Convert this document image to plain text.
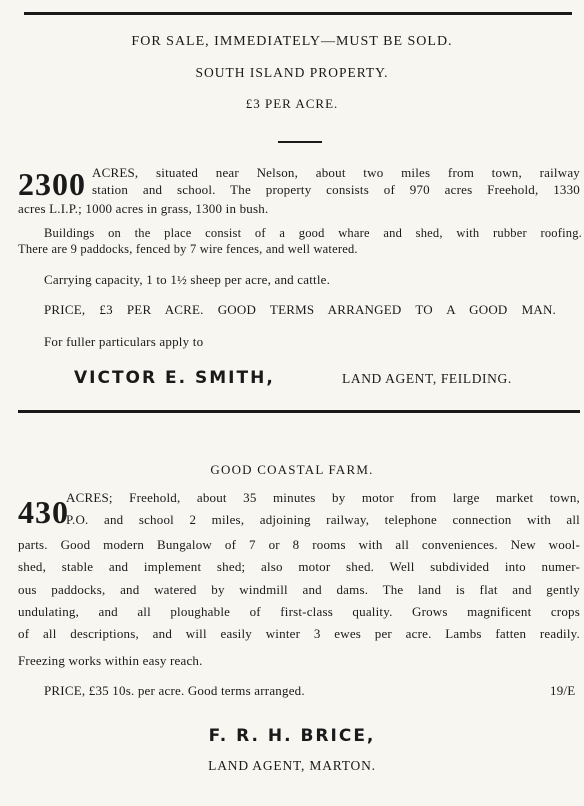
FOR SALE, IMMEDIATELY—MUST BE SOLD.
SOUTH ISLAND PROPERTY.
£3 PER ACRE.
2300 ACRES, situated near Nelson, about two miles from town, railway
station and school. The property consists of 970 acres Freehold, 1330
acres L.I.P.; 1000 acres in grass, 1300 in bush.
Buildings on the place consist of a good whare and shed, with rubber roofing.
There are 9 paddocks, fenced by 7 wire fences, and well watered.
Carrying capacity, 1 to 1½ sheep per acre, and cattle.
PRICE, £3 PER ACRE. GOOD TERMS ARRANGED TO A GOOD MAN.
For fuller particulars apply to
VICTOR E. SMITH,	LAND AGENT, FEILDING.
GOOD COASTAL FARM.
430
ACRES; Freehold, about 35 minutes by motor from large market town,
P.O. and school 2 miles, adjoining railway, telephone connection with all
parts. Good modern Bungalow of 7 or 8 rooms with all conveniences. New wool-
shed, stable and implement shed; also motor shed. Well subdivided into numer-
ous paddocks, and watered by windmill and dams. The land is flat and gently
undulating, and all ploughable of first-class quality. Grows magnificent crops
of all descriptions, and will easily winter 3 ewes per acre. Lambs fatten readily.
Freezing works within easy reach.
PRICE, £35 10s. per acre. Good terms arranged.	19/E
F. R. H. BRICE,
LAND AGENT, MARTON.
